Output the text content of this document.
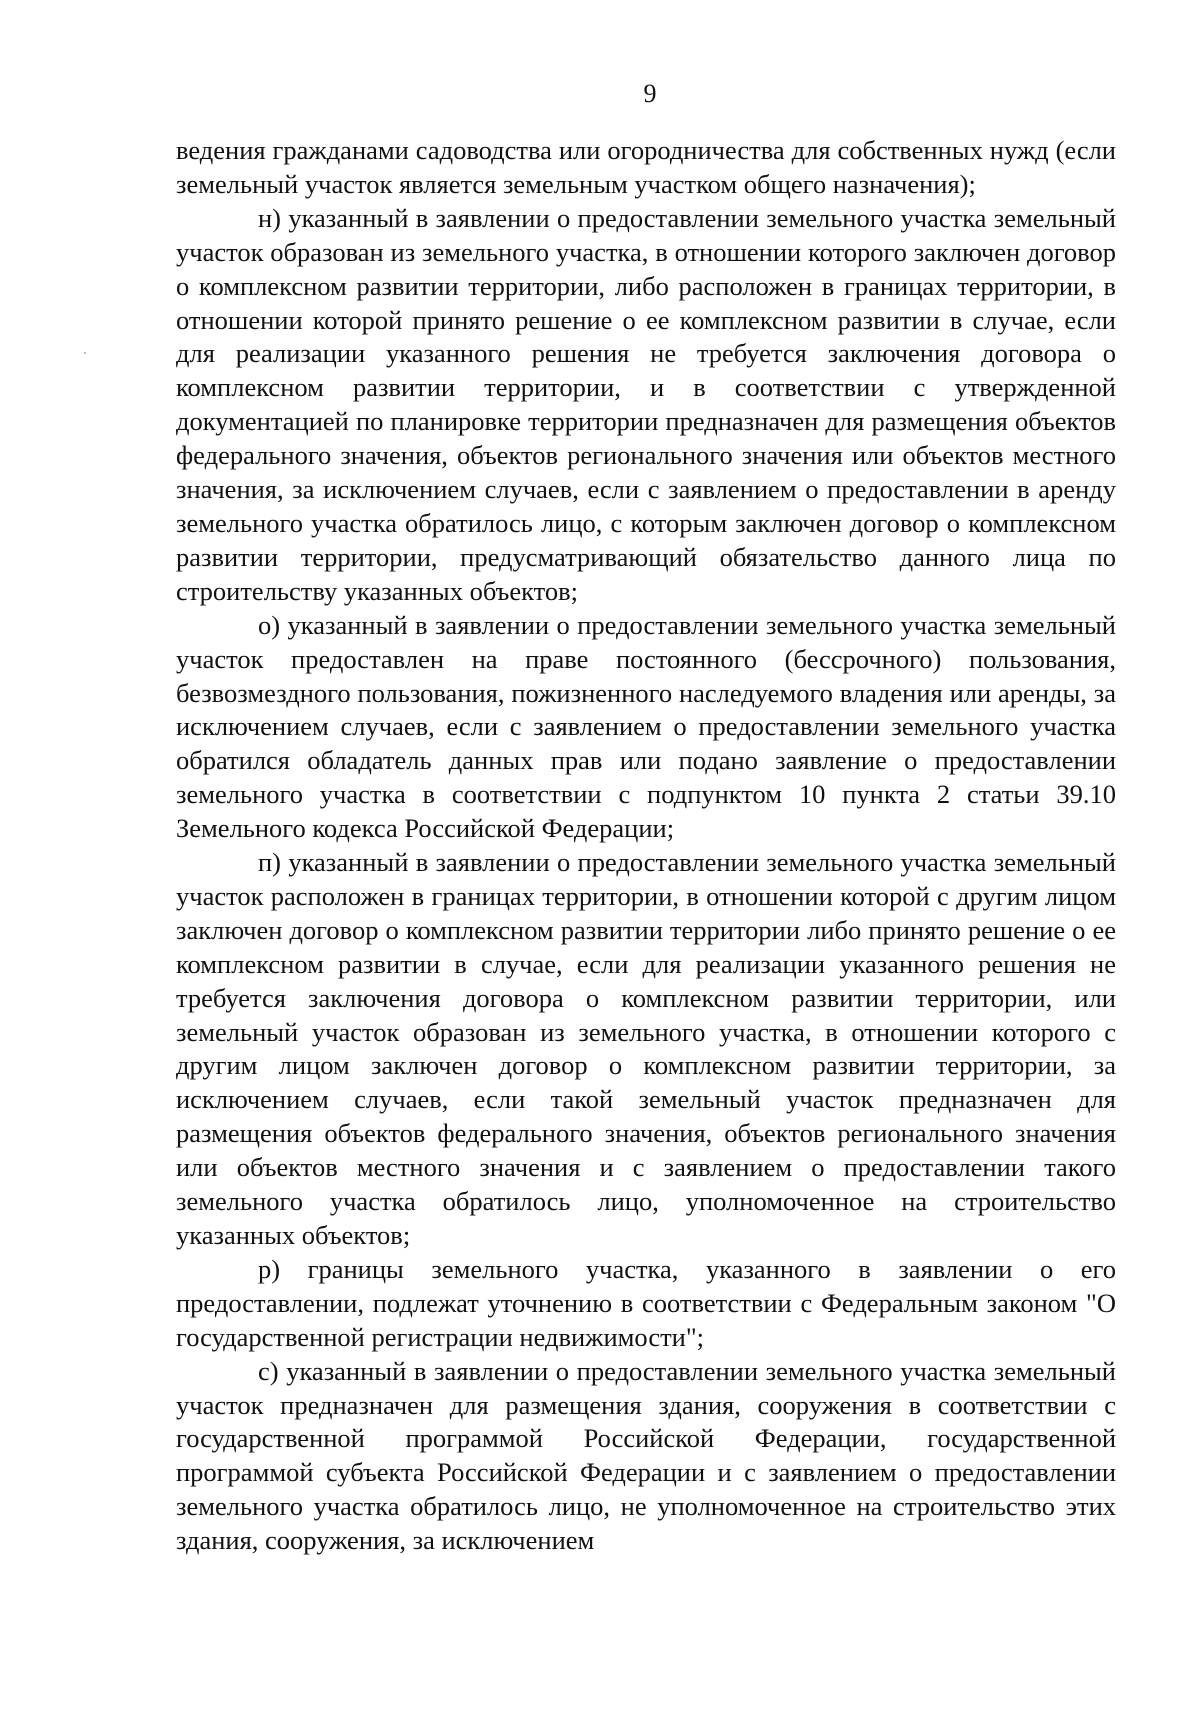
9

ведения гражданами садоводства или огородничества для собственных нужд (если земельный участок является земельным участком общего назначения);

н) указанный в заявлении о предоставлении земельного участка земельный участок образован из земельного участка, в отношении которого заключен договор о комплексном развитии территории, либо расположен в границах территории, в отношении которой принято решение о ее комплексном развитии в случае, если для реализации указанного решения не требуется заключения договора о комплексном развитии территории, и в соответствии с утвержденной документацией по планировке территории предназначен для размещения объектов федерального значения, объектов регионального значения или объектов местного значения, за исключением случаев, если с заявлением о предоставлении в аренду земельного участка обратилось лицо, с которым заключен договор о комплексном развитии территории, предусматривающий обязательство данного лица по строительству указанных объектов;

о) указанный в заявлении о предоставлении земельного участка земельный участок предоставлен на праве постоянного (бессрочного) пользования, безвозмездного пользования, пожизненного наследуемого владения или аренды, за исключением случаев, если с заявлением о предоставлении земельного участка обратился обладатель данных прав или подано заявление о предоставлении земельного участка в соответствии с подпунктом 10 пункта 2 статьи 39.10 Земельного кодекса Российской Федерации;

п) указанный в заявлении о предоставлении земельного участка земельный участок расположен в границах территории, в отношении которой с другим лицом заключен договор о комплексном развитии территории либо принято решение о ее комплексном развитии в случае, если для реализации указанного решения не требуется заключения договора о комплексном развитии территории, или земельный участок образован из земельного участка, в отношении которого с другим лицом заключен договор о комплексном развитии территории, за исключением случаев, если такой земельный участок предназначен для размещения объектов федерального значения, объектов регионального значения или объектов местного значения и с заявлением о предоставлении такого земельного участка обратилось лицо, уполномоченное на строительство указанных объектов;

р) границы земельного участка, указанного в заявлении о его предоставлении, подлежат уточнению в соответствии с Федеральным законом "О государственной регистрации недвижимости";

с) указанный в заявлении о предоставлении земельного участка земельный участок предназначен для размещения здания, сооружения в соответствии с государственной программой Российской Федерации, государственной программой субъекта Российской Федерации и с заявлением о предоставлении земельного участка обратилось лицо, не уполномоченное на строительство этих здания, сооружения, за исключением
